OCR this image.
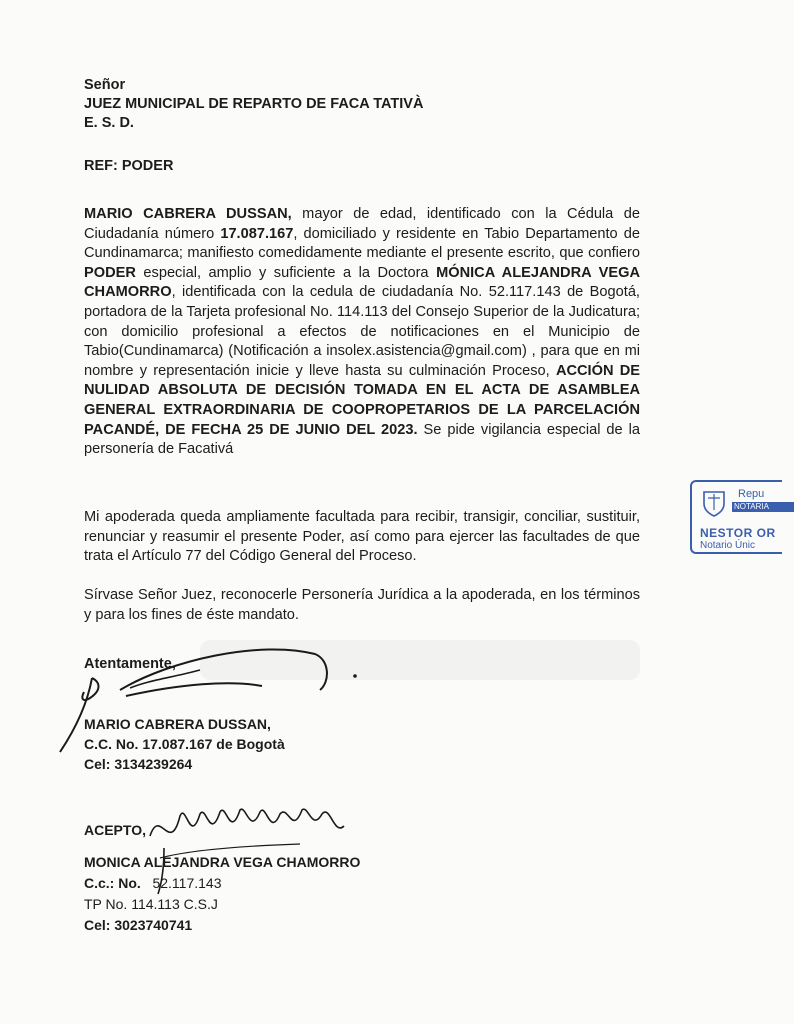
Señor
JUEZ MUNICIPAL DE REPARTO DE FACA TATIVÀ
E. S. D.
REF: PODER
MARIO CABRERA DUSSAN, mayor de edad, identificado con la Cédula de Ciudadanía número 17.087.167, domiciliado y residente en Tabio Departamento de Cundinamarca; manifiesto comedidamente mediante el presente escrito, que confiero PODER especial, amplio y suficiente a la Doctora MÓNICA ALEJANDRA VEGA CHAMORRO, identificada con la cedula de ciudadanía No. 52.117.143 de Bogotá, portadora de la Tarjeta profesional No. 114.113 del Consejo Superior de la Judicatura; con domicilio profesional a efectos de notificaciones en el Municipio de Tabio(Cundinamarca) (Notificación a insolex.asistencia@gmail.com) , para que en mi nombre y representación inicie y lleve hasta su culminación Proceso, ACCIÓN DE NULIDAD ABSOLUTA DE DECISIÓN TOMADA EN EL ACTA DE ASAMBLEA GENERAL EXTRAORDINARIA DE COOPROPETARIOS DE LA PARCELACIÓN PACANDÉ, DE FECHA 25 DE JUNIO DEL 2023. Se pide vigilancia especial de la personería de Facativá
Mi apoderada queda ampliamente facultada para recibir, transigir, conciliar, sustituir, renunciar y reasumir el presente Poder, así como para ejercer las facultades de que trata el Artículo 77 del Código General del Proceso.
Sírvase Señor Juez, reconocerle Personería Jurídica a la apoderada, en los términos y para los fines de éste mandato.
Atentamente,
MARIO CABRERA DUSSAN,
C.C. No. 17.087.167 de Bogotà
Cel: 3134239264
ACEPTO,
MONICA ALEJANDRA VEGA CHAMORRO
C.c.: No. 52.117.143
TP No. 114.113 C.S.J
Cel: 3023740741
Repu
NOTARIA
NESTOR OR
Notario Únic
